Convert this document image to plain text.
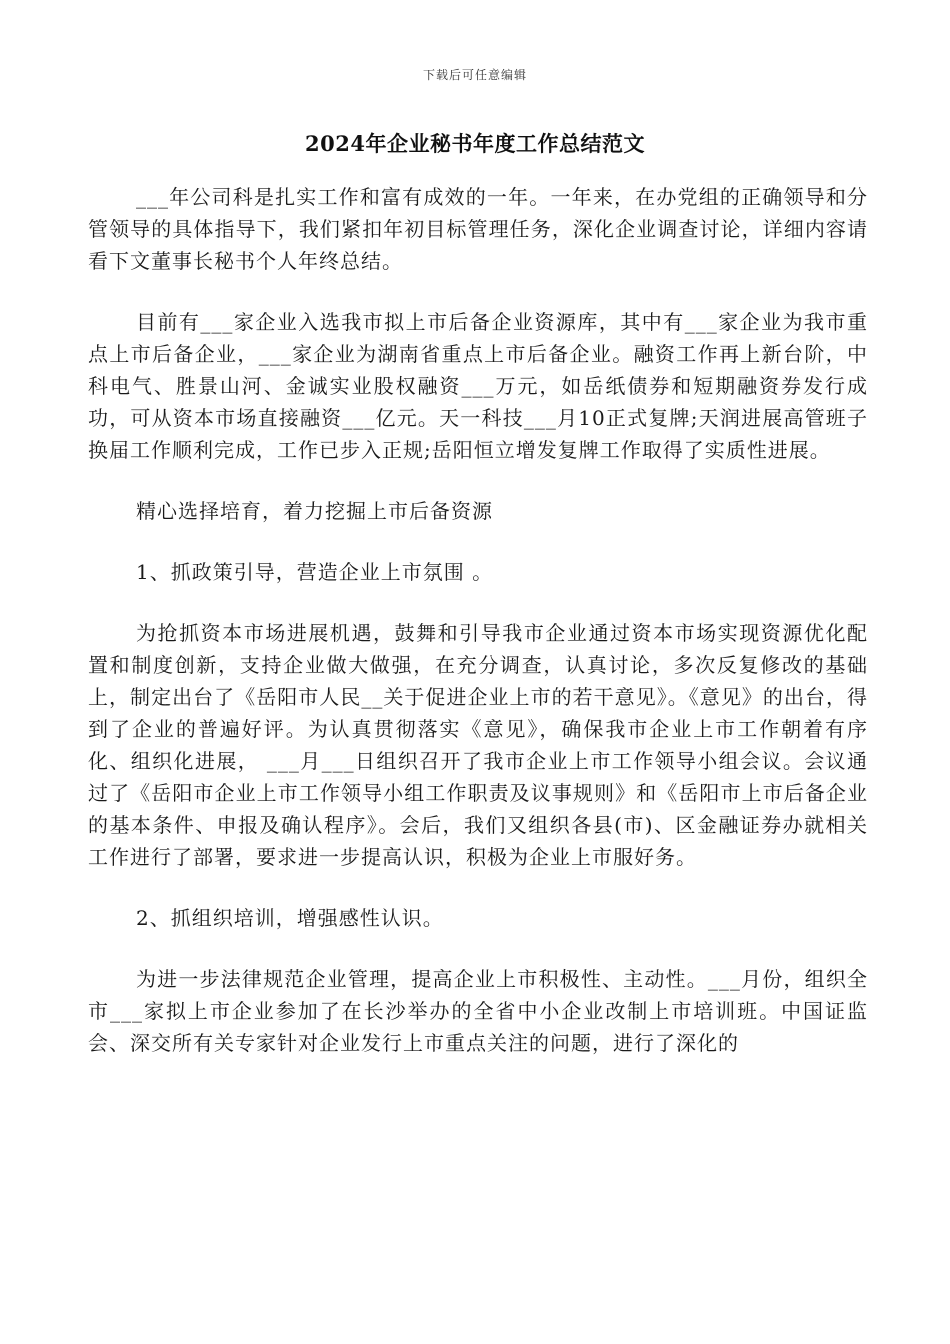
下载后可任意编辑
2024年企业秘书年度工作总结范文

___年公司科是扎实工作和富有成效的一年。一年来，在办党组的正确领导和分管领导的具体指导下，我们紧扣年初目标管理任务，深化企业调查讨论，详细内容请看下文董事长秘书个人年终总结。

目前有___家企业入选我市拟上市后备企业资源库，其中有___家企业为我市重点上市后备企业，___家企业为湖南省重点上市后备企业。融资工作再上新台阶，中科电气、胜景山河、金诚实业股权融资___万元，如岳纸债券和短期融资券发行成功，可从资本市场直接融资___亿元。天一科技___月10正式复牌;天润进展高管班子换届工作顺利完成，工作已步入正规;岳阳恒立增发复牌工作取得了实质性进展。

精心选择培育，着力挖掘上市后备资源

1、抓政策引导，营造企业上市氛围 。

为抢抓资本市场进展机遇，鼓舞和引导我市企业通过资本市场实现资源优化配置和制度创新，支持企业做大做强，在充分调查，认真讨论，多次反复修改的基础上，制定出台了《岳阳市人民__关于促进企业上市的若干意见》。《意见》的出台，得到了企业的普遍好评。为认真贯彻落实《意见》，确保我市企业上市工作朝着有序化、组织化进展， ___月___日组织召开了我市企业上市工作领导小组会议。会议通过了《岳阳市企业上市工作领导小组工作职责及议事规则》和《岳阳市上市后备企业的基本条件、申报及确认程序》。会后，我们又组织各县(市)、区金融证券办就相关工作进行了部署，要求进一步提高认识，积极为企业上市服好务。

2、抓组织培训，增强感性认识。

为进一步法律规范企业管理，提高企业上市积极性、主动性。___月份，组织全市___家拟上市企业参加了在长沙举办的全省中小企业改制上市培训班。中国证监会、深交所有关专家针对企业发行上市重点关注的问题，进行了深化的
